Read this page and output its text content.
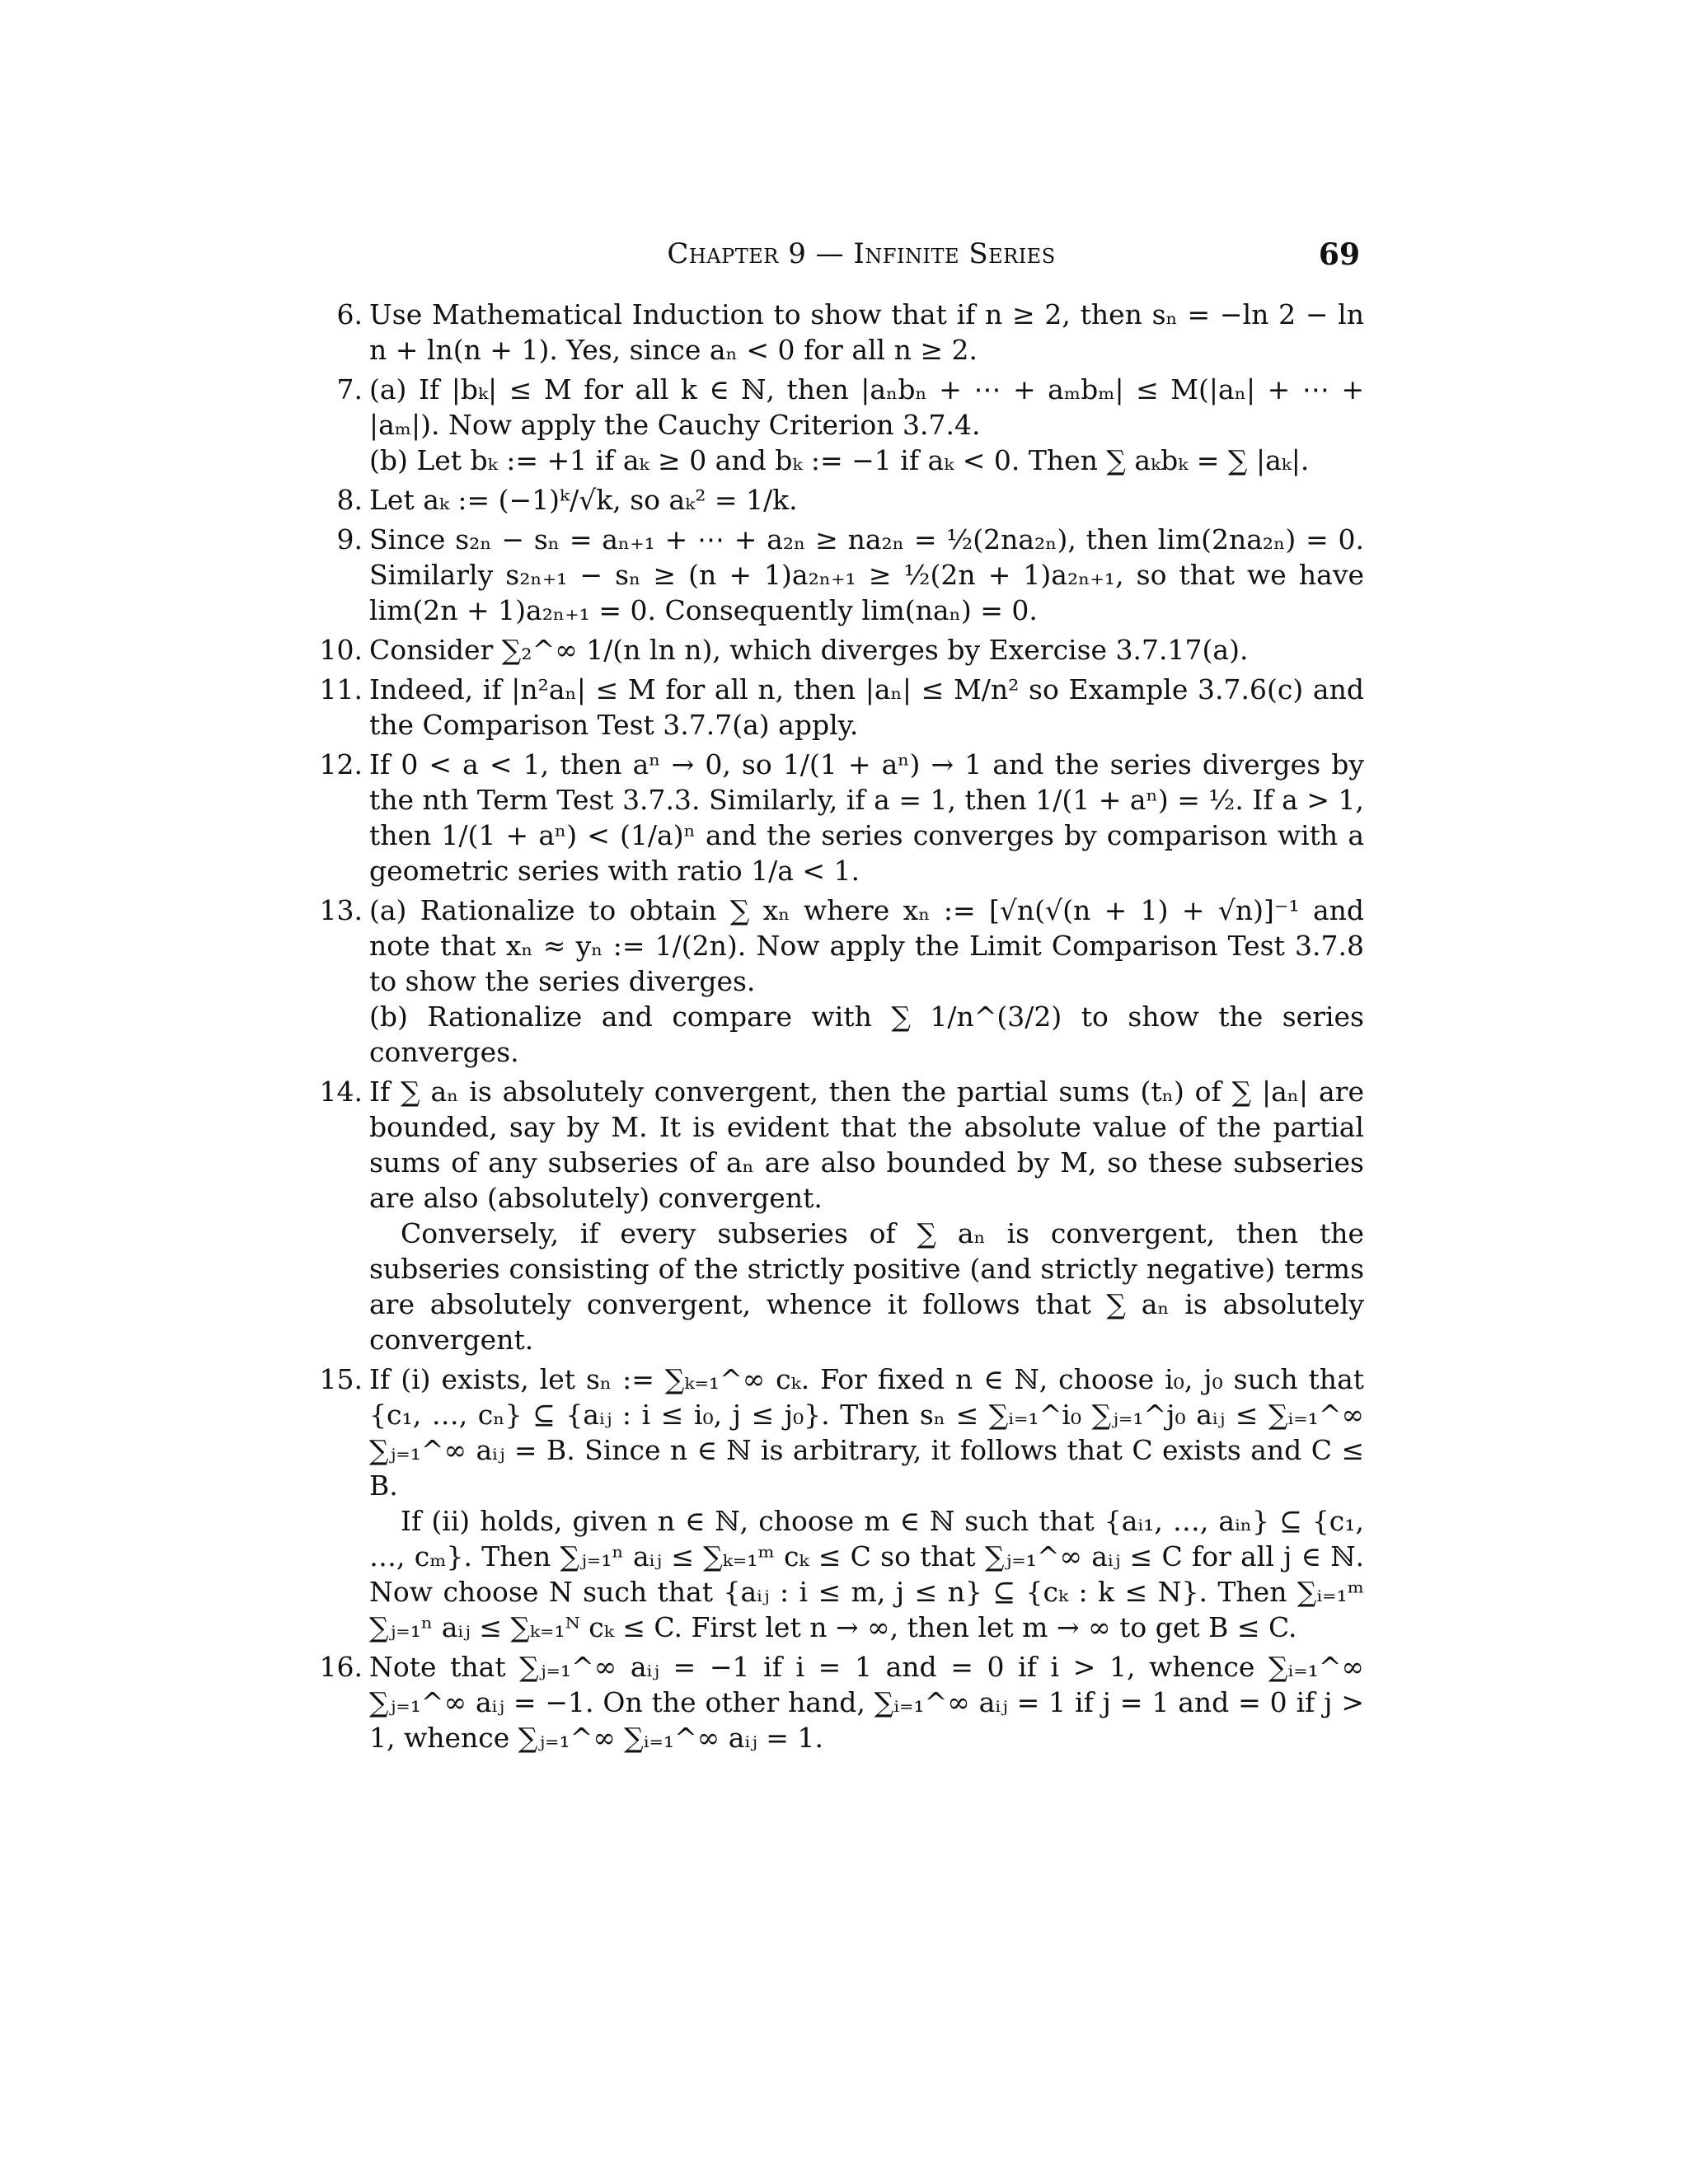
Chapter 9 — Infinite Series	69
6. Use Mathematical Induction to show that if n ≥ 2, then sₙ = −ln 2 − ln n + ln(n + 1). Yes, since aₙ < 0 for all n ≥ 2.

7. (a) If |bₖ| ≤ M for all k ∈ ℕ, then |aₙbₙ + ⋯ + aₘbₘ| ≤ M(|aₙ| + ⋯ + |aₘ|). Now apply the Cauchy Criterion 3.7.4.

(b) Let bₖ := +1 if aₖ ≥ 0 and bₖ := −1 if aₖ < 0. Then ∑ aₖbₖ = ∑ |aₖ|.

8. Let aₖ := (−1)ᵏ/√k, so aₖ² = 1/k.

9. Since s₂ₙ − sₙ = aₙ₊₁ + ⋯ + a₂ₙ ≥ na₂ₙ = ½(2na₂ₙ), then lim(2na₂ₙ) = 0. Similarly s₂ₙ₊₁ − sₙ ≥ (n + 1)a₂ₙ₊₁ ≥ ½(2n + 1)a₂ₙ₊₁, so that we have lim(2n + 1)a₂ₙ₊₁ = 0. Consequently lim(naₙ) = 0.

10. Consider ∑₂^∞ 1/(n ln n), which diverges by Exercise 3.7.17(a).

11. Indeed, if |n²aₙ| ≤ M for all n, then |aₙ| ≤ M/n² so Example 3.7.6(c) and the Comparison Test 3.7.7(a) apply.

12. If 0 < a < 1, then aⁿ → 0, so 1/(1 + aⁿ) → 1 and the series diverges by the nth Term Test 3.7.3. Similarly, if a = 1, then 1/(1 + aⁿ) = ½. If a > 1, then 1/(1 + aⁿ) < (1/a)ⁿ and the series converges by comparison with a geometric series with ratio 1/a < 1.

13. (a) Rationalize to obtain ∑ xₙ where xₙ := [√n(√(n + 1) + √n)]⁻¹ and note that xₙ ≈ yₙ := 1/(2n). Now apply the Limit Comparison Test 3.7.8 to show the series diverges.

(b) Rationalize and compare with ∑ 1/n^(3/2) to show the series converges.

14. If ∑ aₙ is absolutely convergent, then the partial sums (tₙ) of ∑ |aₙ| are bounded, say by M. It is evident that the absolute value of the partial sums of any subseries of aₙ are also bounded by M, so these subseries are also (absolutely) convergent.

Conversely, if every subseries of ∑ aₙ is convergent, then the subseries consisting of the strictly positive (and strictly negative) terms are absolutely convergent, whence it follows that ∑ aₙ is absolutely convergent.

15. If (i) exists, let sₙ := ∑ₖ₌₁^∞ cₖ. For fixed n ∈ ℕ, choose i₀, j₀ such that {c₁, …, cₙ} ⊆ {aᵢⱼ : i ≤ i₀, j ≤ j₀}. Then sₙ ≤ ∑ᵢ₌₁^i₀ ∑ⱼ₌₁^j₀ aᵢⱼ ≤ ∑ᵢ₌₁^∞ ∑ⱼ₌₁^∞ aᵢⱼ = B. Since n ∈ ℕ is arbitrary, it follows that C exists and C ≤ B.

If (ii) holds, given n ∈ ℕ, choose m ∈ ℕ such that {aᵢ₁, …, aᵢₙ} ⊆ {c₁, …, cₘ}. Then ∑ⱼ₌₁ⁿ aᵢⱼ ≤ ∑ₖ₌₁ᵐ cₖ ≤ C so that ∑ⱼ₌₁^∞ aᵢⱼ ≤ C for all j ∈ ℕ. Now choose N such that {aᵢⱼ : i ≤ m, j ≤ n} ⊆ {cₖ : k ≤ N}. Then ∑ᵢ₌₁ᵐ ∑ⱼ₌₁ⁿ aᵢⱼ ≤ ∑ₖ₌₁ᴺ cₖ ≤ C. First let n → ∞, then let m → ∞ to get B ≤ C.

16. Note that ∑ⱼ₌₁^∞ aᵢⱼ = −1 if i = 1 and = 0 if i > 1, whence ∑ᵢ₌₁^∞ ∑ⱼ₌₁^∞ aᵢⱼ = −1. On the other hand, ∑ᵢ₌₁^∞ aᵢⱼ = 1 if j = 1 and = 0 if j > 1, whence ∑ⱼ₌₁^∞ ∑ᵢ₌₁^∞ aᵢⱼ = 1.
